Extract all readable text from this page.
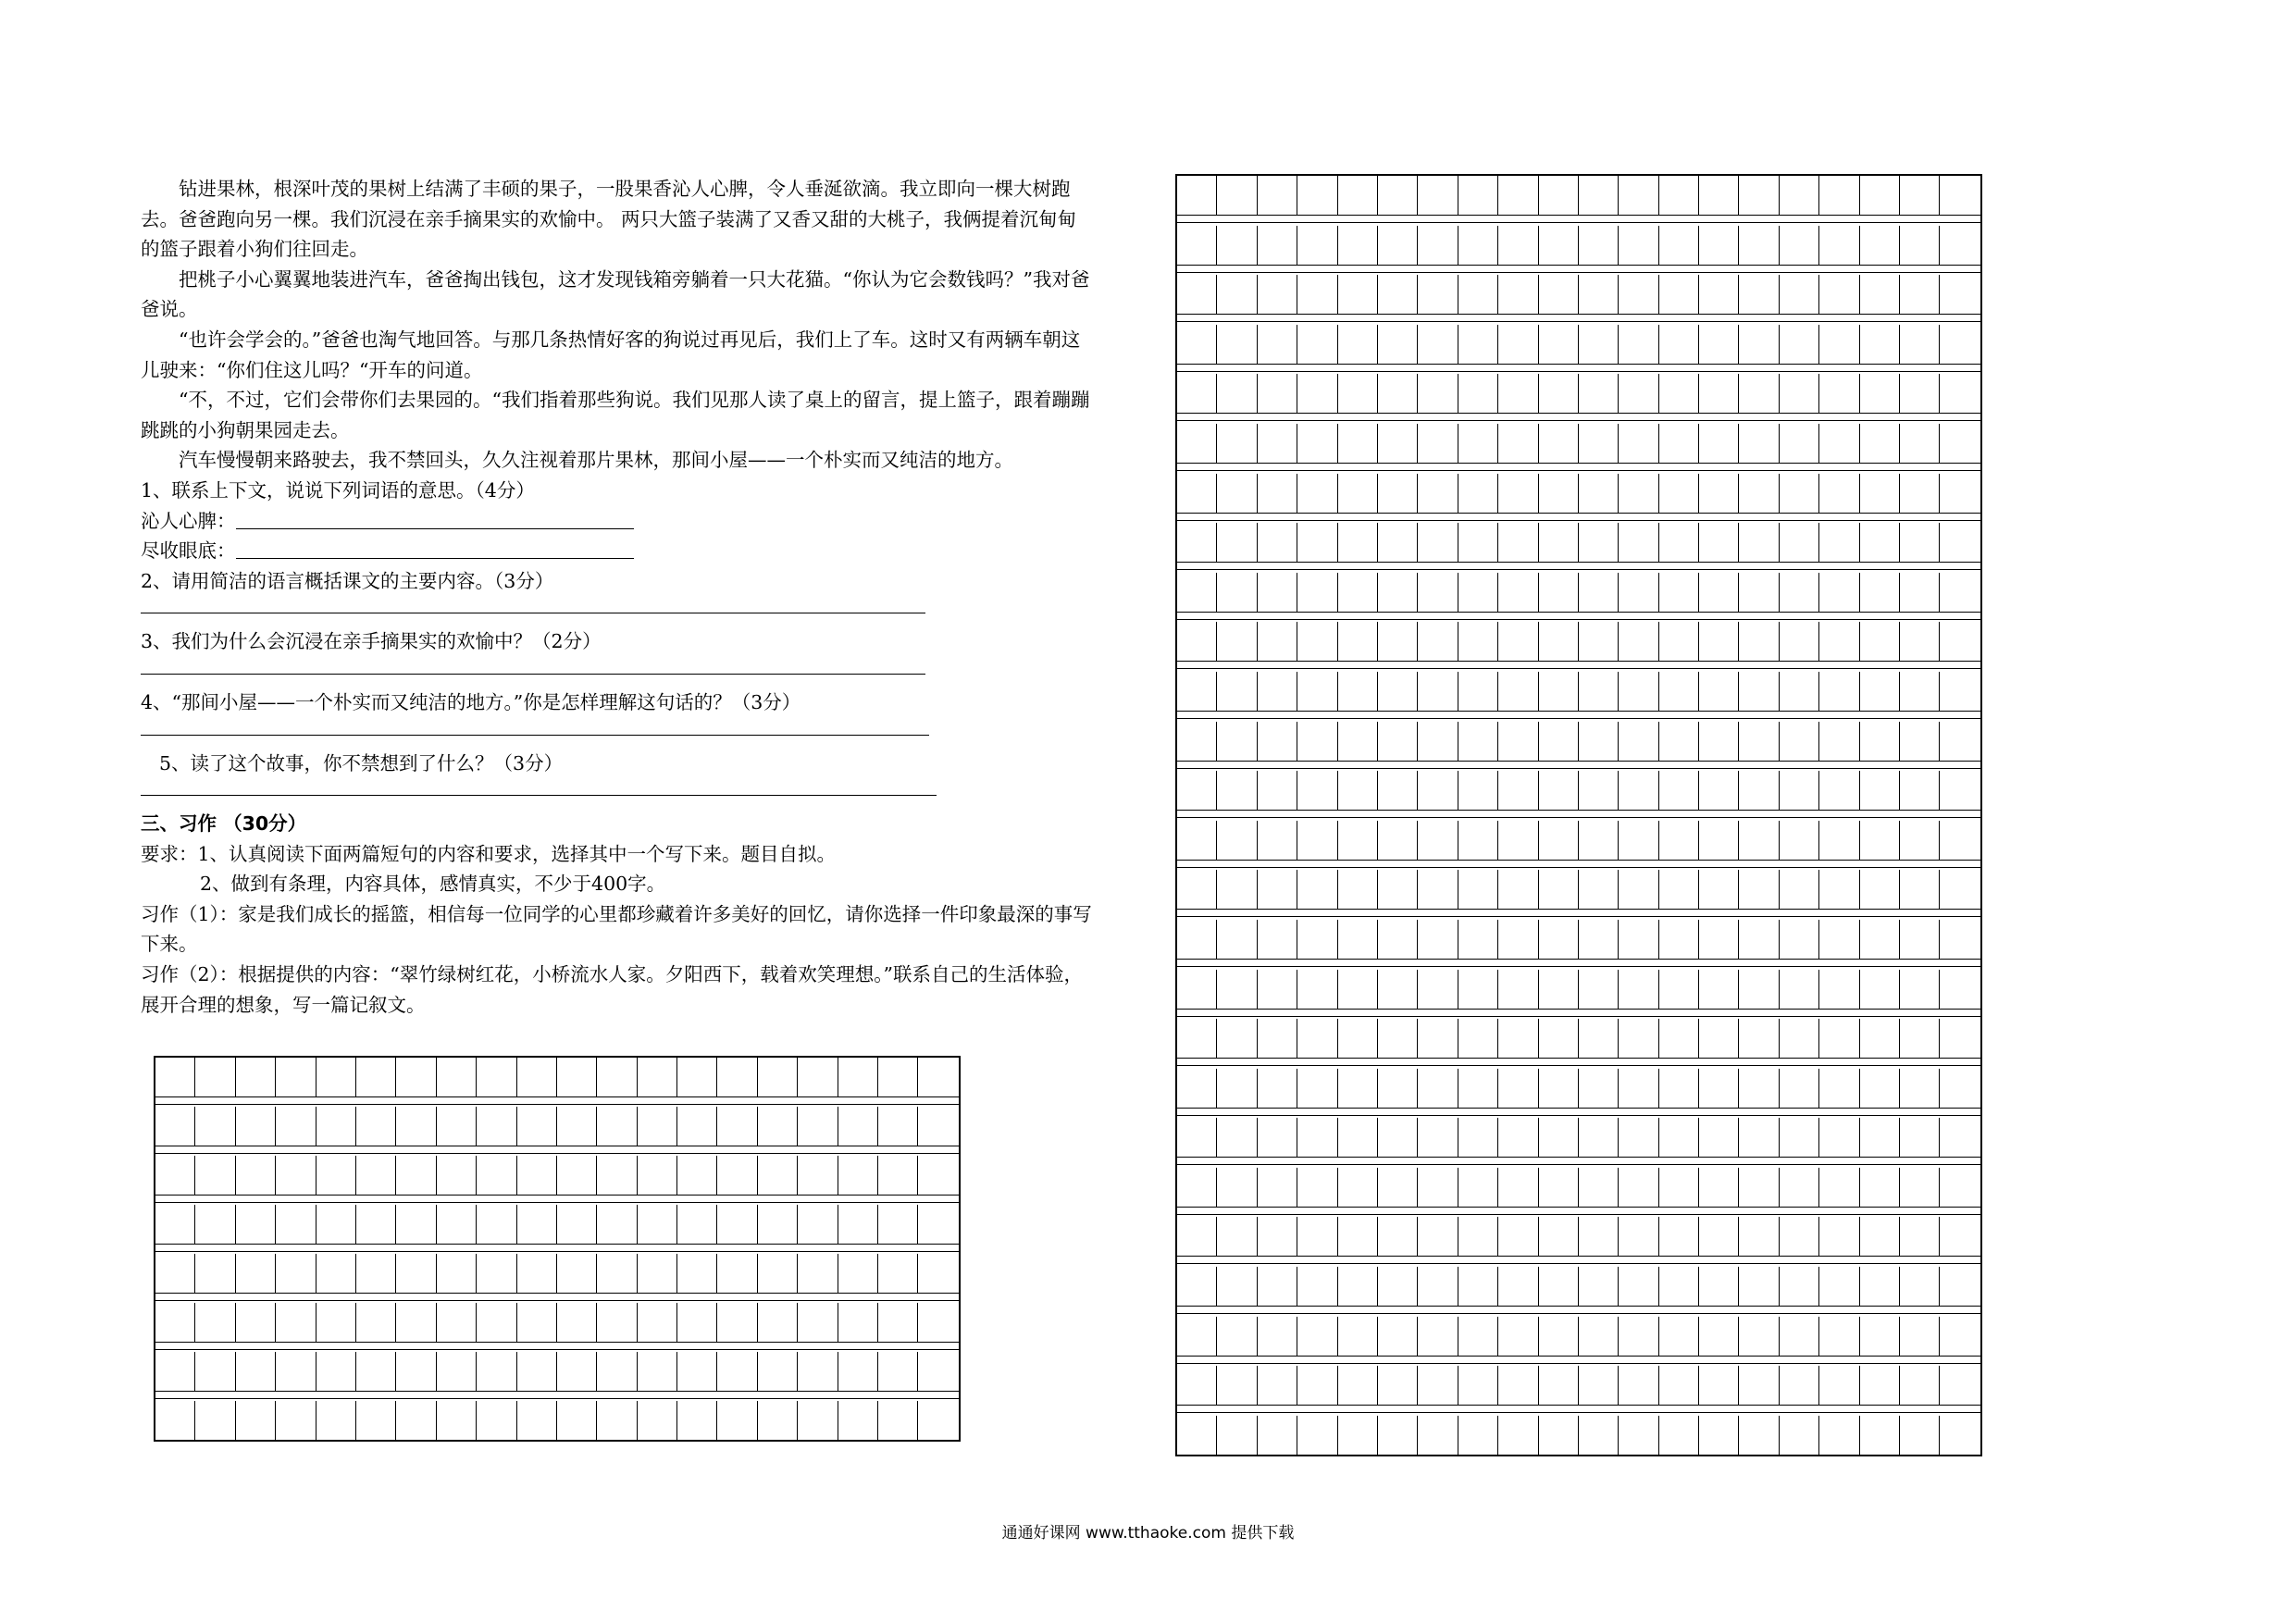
钻进果林，根深叶茂的果树上结满了丰硕的果子，一股果香沁人心脾，令人垂涎欲滴。我立即向一棵大树跑去。爸爸跑向另一棵。我们沉浸在亲手摘果实的欢愉中。 两只大篮子装满了又香又甜的大桃子，我俩提着沉甸甸的篮子跟着小狗们往回走。

把桃子小心翼翼地装进汽车，爸爸掏出钱包，这才发现钱箱旁躺着一只大花猫。“你认为它会数钱吗？”我对爸爸说。

“也许会学会的。”爸爸也淘气地回答。与那几条热情好客的狗说过再见后，我们上了车。这时又有两辆车朝这儿驶来：“你们住这儿吗？“开车的问道。

“不，不过，它们会带你们去果园的。“我们指着那些狗说。我们见那人读了桌上的留言，提上篮子，跟着蹦蹦跳跳的小狗朝果园走去。

汽车慢慢朝来路驶去，我不禁回头，久久注视着那片果林，那间小屋——一个朴实而又纯洁的地方。

1、联系上下文，说说下列词语的意思。（4分）

沁人心脾：

尽收眼底：

2、请用简洁的语言概括课文的主要内容。（3分）

3、我们为什么会沉浸在亲手摘果实的欢愉中？（2分）

4、“那间小屋——一个朴实而又纯洁的地方。”你是怎样理解这句话的？（3分）

5、读了这个故事，你不禁想到了什么？（3分）

三、习作 （30分）

要求：1、认真阅读下面两篇短句的内容和要求，选择其中一个写下来。题目自拟。

2、做到有条理，内容具体，感情真实，不少于400字。

习作（1）：家是我们成长的摇篮，相信每一位同学的心里都珍藏着许多美好的回忆，请你选择一件印象最深的事写下来。

习作（2）：根据提供的内容：“翠竹绿树红花，小桥流水人家。夕阳西下，载着欢笑理想。”联系自己的生活体验，展开合理的想象，写一篇记叙文。

通通好课网 www.tthaoke.com 提供下载
